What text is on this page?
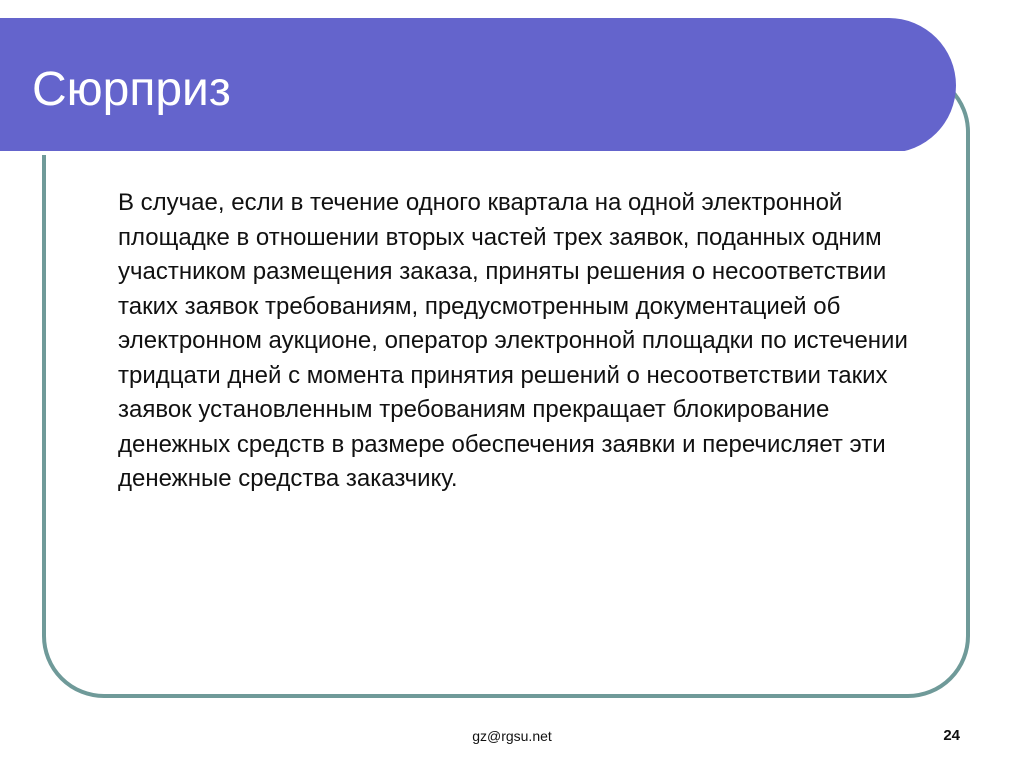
Сюрприз

В случае, если в течение одного квартала на одной электронной площадке в отношении вторых частей трех заявок, поданных одним участником размещения заказа, приняты решения о несоответствии таких заявок требованиям, предусмотренным документацией об электронном аукционе, оператор электронной площадки по истечении тридцати дней с момента принятия решений о несоответствии таких заявок установленным требованиям прекращает блокирование денежных средств в размере обеспечения заявки и перечисляет эти денежные средства заказчику.

gz@rgsu.net	24
